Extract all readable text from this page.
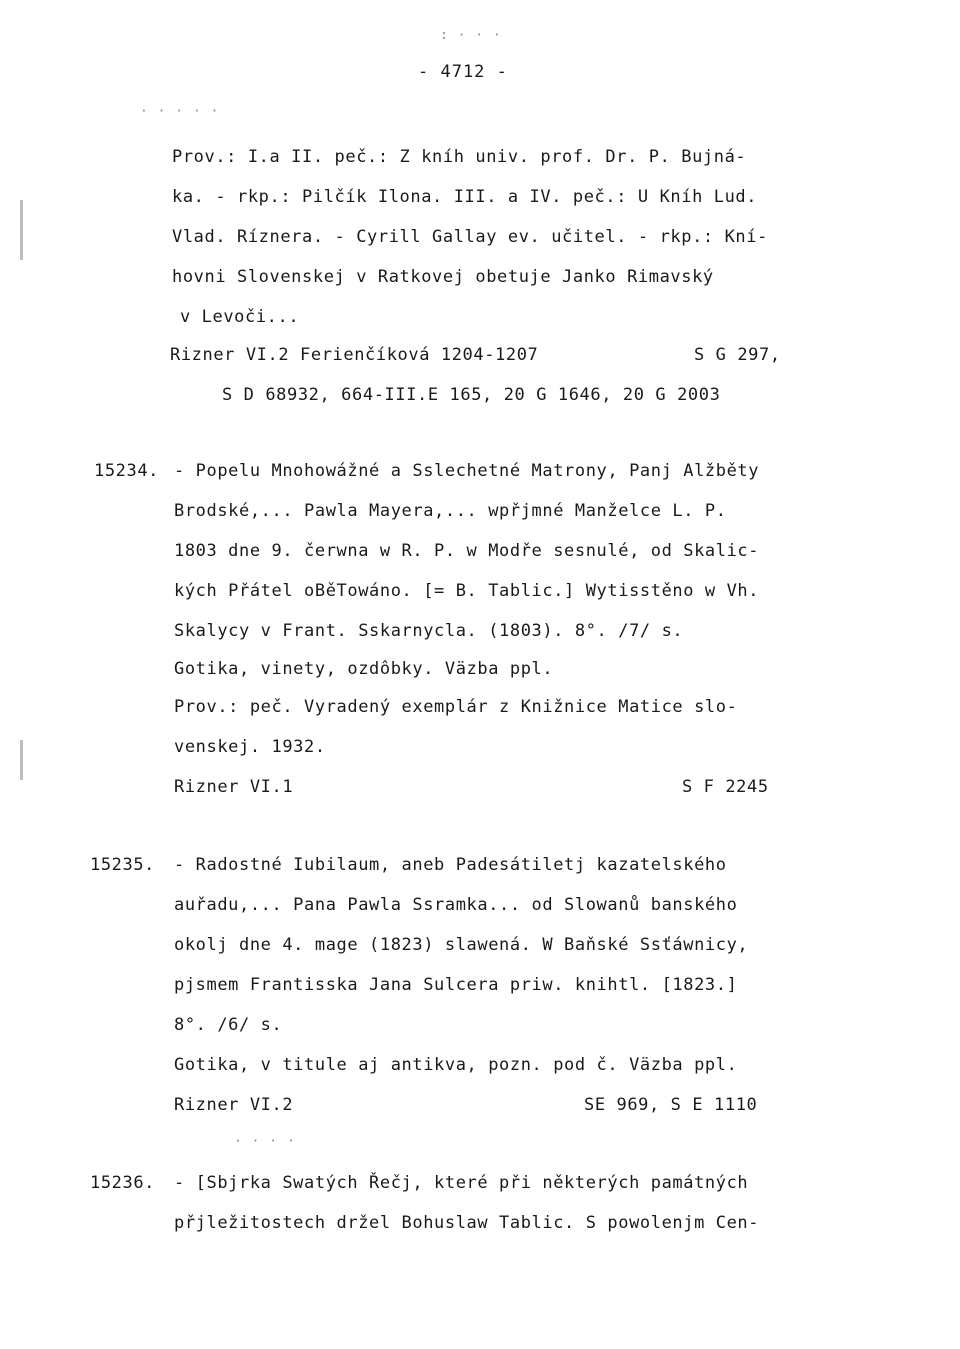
: · · ·
· · · · ·
- 4712 -
Prov.: I.a II. peč.: Z kníh univ. prof. Dr. P. Bujná-
ka. - rkp.: Pilčík Ilona. III. a IV. peč.: U Kníh Lud.
Vlad. Ríznera. - Cyrill Gallay ev. učitel. - rkp.: Kní-
hovni Slovenskej v Ratkovej obetuje Janko Rimavský
v Levoči...
Rizner VI.2 Ferienčíková 1204-1207	S G 297,
S D 68932, 664-III.E 165, 20 G 1646, 20 G 2003
15234. - Popelu Mnohowážné a Sslechetné Matrony, Panj Alžběty
Brodské,... Pawla Mayera,... wpřjmné Manželce L. P.
1803 dne 9. čerwna w R. P. w Modře sesnulé, od Skalic-
kých Přátel oBěTowáno. [= B. Tablic.] Wytisstěno w Vh.
Skalycy v Frant. Sskarnycla. (1803). 8°. /7/ s.
Gotika, vinety, ozdôbky. Väzba ppl.
Prov.: peč. Vyradený exemplár z Knižnice Matice slo-
venskej. 1932.
Rizner VI.1	S F 2245
15235. - Radostné Iubilaum, aneb Padesátiletj kazatelského
auřadu,... Pana Pawla Ssramka... od Slowanů banského
okolj dne 4. mage (1823) slawená. W Baňské Ssťáwnicy,
pjsmem Frantisska Jana Sulcera priw. knihtl. [1823.]
8°. /6/ s.
Gotika, v titule aj antikva, pozn. pod č. Väzba ppl.
Rizner VI.2	SE 969, S E 1110
· · · ·
15236. - [Sbjrka Swatých Řečj, které při některých památných
přjležitostech držel Bohuslaw Tablic. S powolenjm Cen-
